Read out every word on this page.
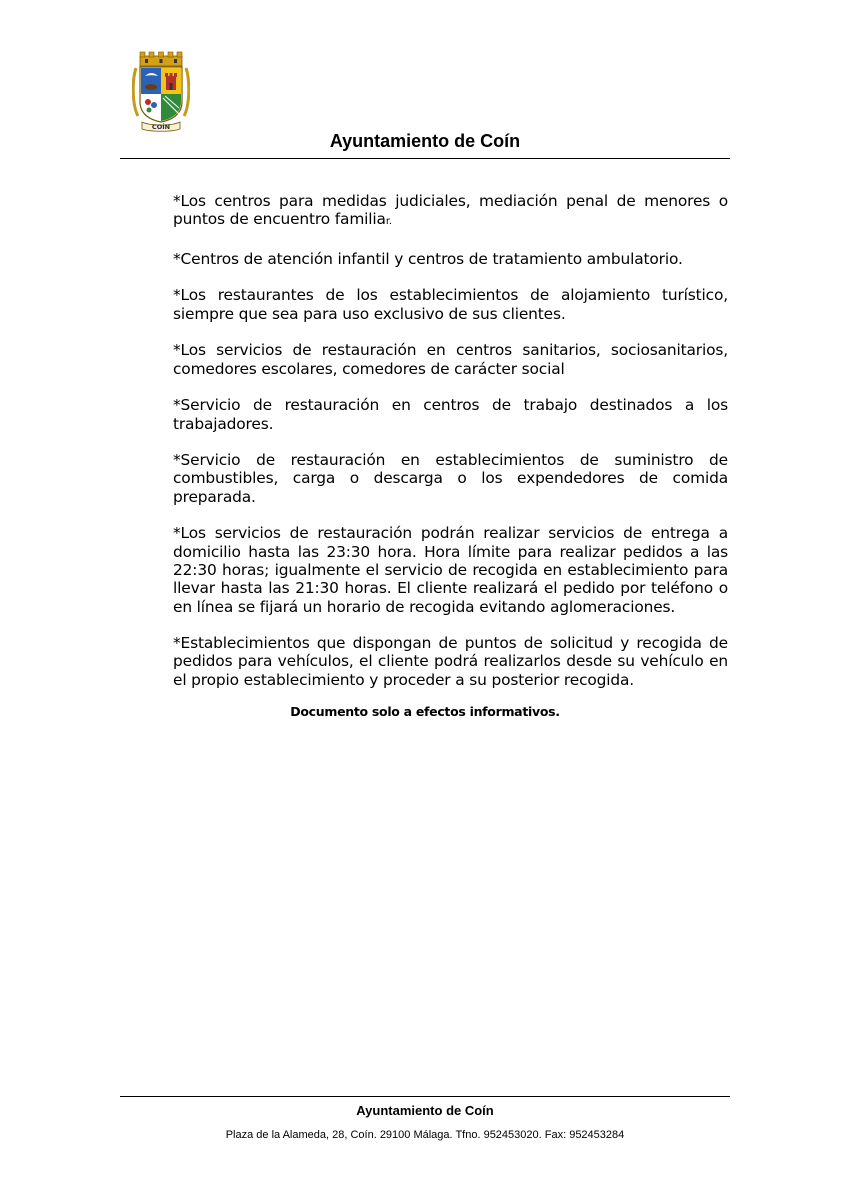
COÍN
Ayuntamiento de Coín

*Los centros para medidas judiciales, mediación penal de menores o puntos de encuentro familiar.

*Centros de atención infantil y centros de tratamiento ambulatorio.

*Los restaurantes de los establecimientos de alojamiento turístico, siempre que sea para uso exclusivo de sus clientes.

*Los servicios de restauración en centros sanitarios, sociosanitarios, comedores escolares, comedores de carácter social

*Servicio de restauración en centros de trabajo destinados a los trabajadores.

*Servicio de restauración en establecimientos de suministro de combustibles, carga o descarga o los expendedores de comida preparada.

*Los servicios de restauración podrán realizar servicios de entrega a domicilio hasta las 23:30 hora. Hora límite para realizar pedidos a las 22:30 horas; igualmente el servicio de recogida en establecimiento para llevar hasta las 21:30 horas. El cliente realizará el pedido por teléfono o en línea se fijará un horario de recogida evitando aglomeraciones.

*Establecimientos que dispongan de puntos de solicitud y recogida de pedidos para vehículos, el cliente podrá realizarlos desde su vehículo en el propio establecimiento y proceder a su posterior recogida.

Documento solo a efectos informativos.
Ayuntamiento de Coín
Plaza de la Alameda, 28, Coín. 29100 Málaga. Tfno. 952453020. Fax: 952453284
